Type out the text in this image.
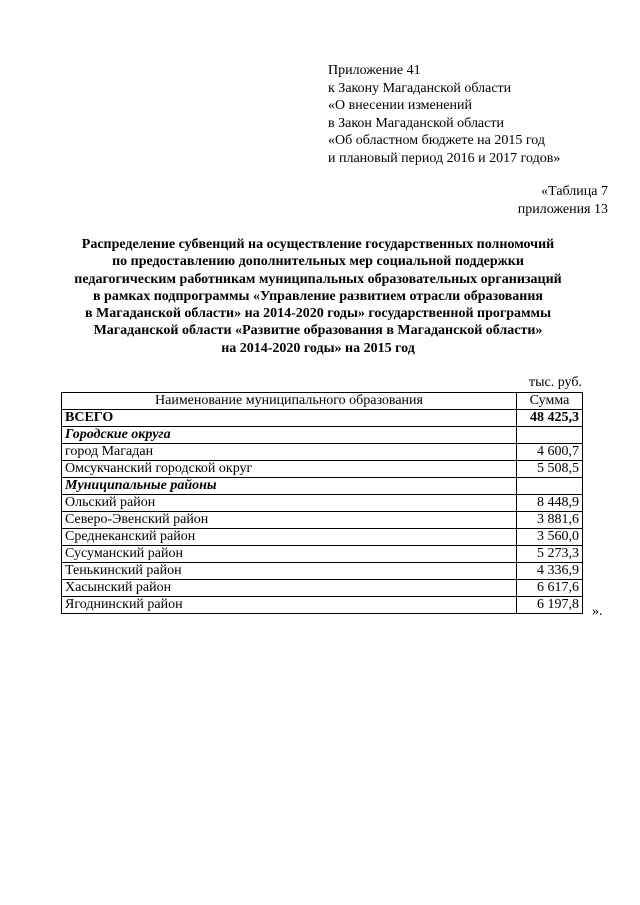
Приложение 41
к Закону Магаданской области
«О внесении изменений
в Закон Магаданской области
«Об областном бюджете на 2015 год
и плановый период 2016 и 2017 годов»
«Таблица 7
приложения 13
Распределение субвенций на осуществление государственных полномочий
по предоставлению дополнительных мер социальной поддержки
педагогическим работникам муниципальных образовательных организаций
в рамках подпрограммы «Управление развитием отрасли образования
в Магаданской области» на 2014-2020 годы» государственной программы
Магаданской области «Развитие образования в Магаданской области»
на 2014-2020 годы» на 2015 год
тыс. руб.
Наименование муниципального образования	Сумма
ВСЕГО	48 425,3
Городские округа	
город Магадан	4 600,7
Омсукчанский городской округ	5 508,5
Муниципальные районы	
Ольский район	8 448,9
Северо-Эвенский район	3 881,6
Среднеканский район	3 560,0
Сусуманский район	5 273,3
Тенькинский район	4 336,9
Хасынский район	6 617,6
Ягоднинский район	6 197,8 ».
